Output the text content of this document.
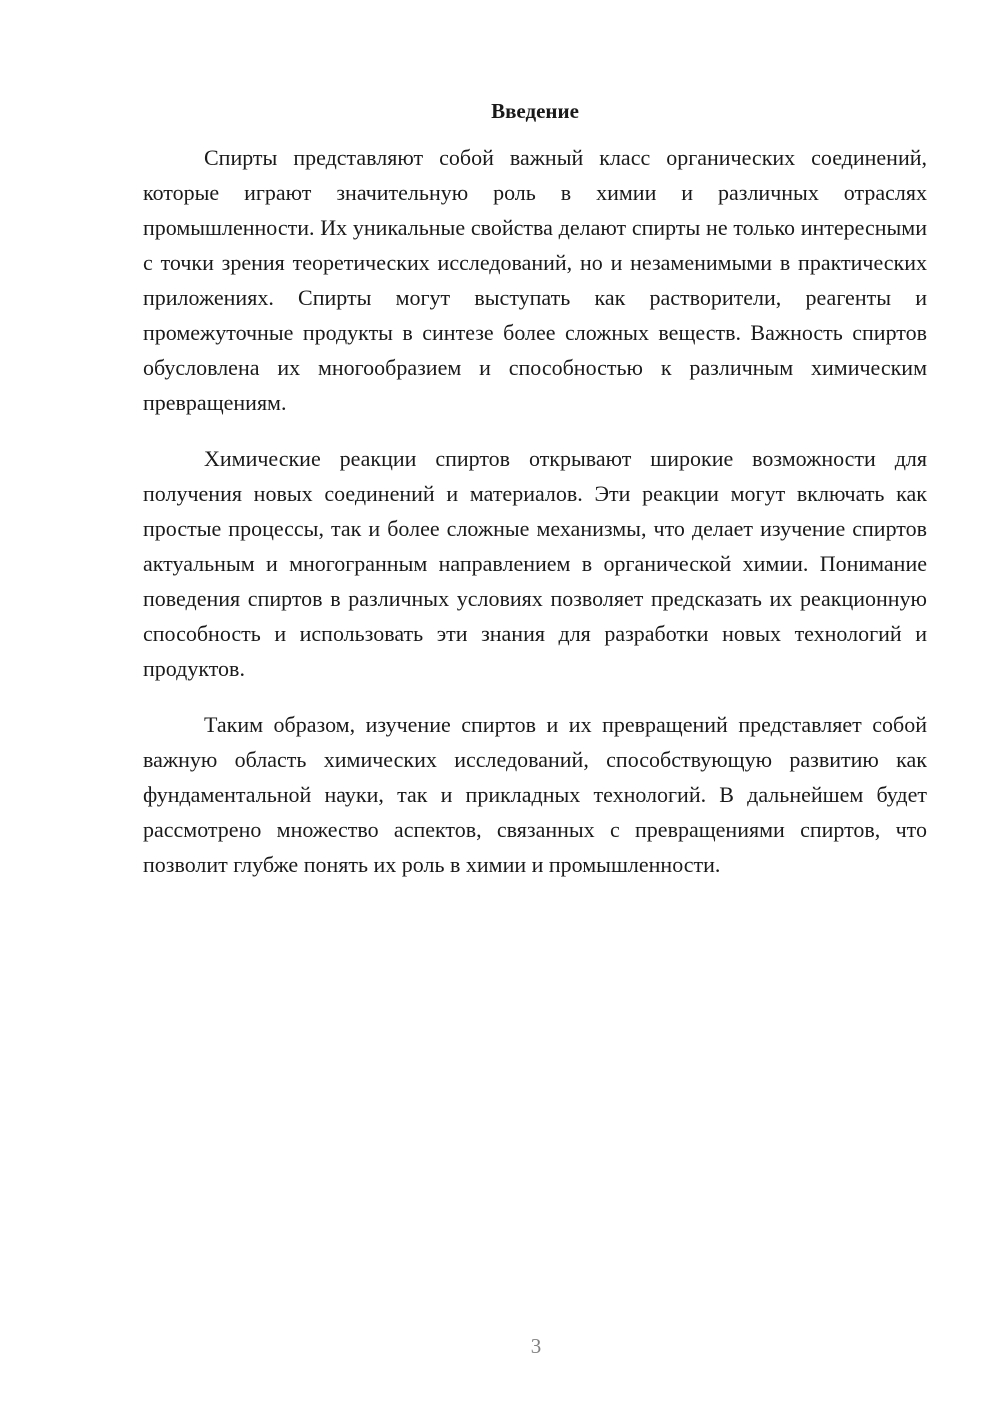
Введение

Спирты представляют собой важный класс органических соединений, которые играют значительную роль в химии и различных отраслях промышленности. Их уникальные свойства делают спирты не только интересными с точки зрения теоретических исследований, но и незаменимыми в практических приложениях. Спирты могут выступать как растворители, реагенты и промежуточные продукты в синтезе более сложных веществ. Важность спиртов обусловлена их многообразием и способностью к различным химическим превращениям.

Химические реакции спиртов открывают широкие возможности для получения новых соединений и материалов. Эти реакции могут включать как простые процессы, так и более сложные механизмы, что делает изучение спиртов актуальным и многогранным направлением в органической химии. Понимание поведения спиртов в различных условиях позволяет предсказать их реакционную способность и использовать эти знания для разработки новых технологий и продуктов.

Таким образом, изучение спиртов и их превращений представляет собой важную область химических исследований, способствующую развитию как фундаментальной науки, так и прикладных технологий. В дальнейшем будет рассмотрено множество аспектов, связанных с превращениями спиртов, что позволит глубже понять их роль в химии и промышленности.

3
